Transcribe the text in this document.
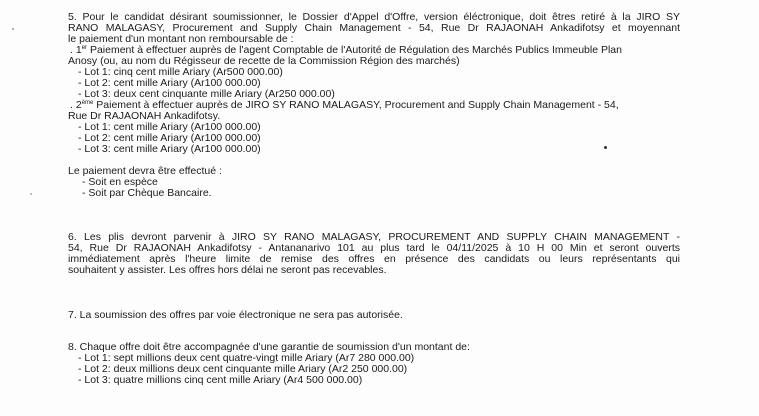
5. Pour le candidat désirant soumissionner, le Dossier d'Appel d'Offre, version éléctronique, doit êtres retiré à la JIRO SY
RANO MALAGASY, Procurement and Supply Chain Management - 54, Rue Dr RAJAONAH Ankadifotsy et moyennant
le paiement d'un montant non remboursable de :
. 1er Paiement à effectuer auprès de l'agent Comptable de l'Autorité de Régulation des Marchés Publics Immeuble Plan
Anosy (ou, au nom du Régisseur de recette de la Commission Région des marchés)
- Lot 1: cinq cent mille Ariary (Ar500 000.00)
- Lot 2: cent mille Ariary (Ar100 000.00)
- Lot 3: deux cent cinquante mille Ariary (Ar250 000.00)
. 2ème Paiement à effectuer auprès de JIRO SY RANO MALAGASY, Procurement and Supply Chain Management - 54,
Rue Dr RAJAONAH Ankadifotsy.
- Lot 1: cent mille Ariary (Ar100 000.00)
- Lot 2: cent mille Ariary (Ar100 000.00)
- Lot 3: cent mille Ariary (Ar100 000.00)
Le paiement devra être effectué :
- Soit en espèce
- Soit par Chèque Bancaire.
6. Les plis devront parvenir à JIRO SY RANO MALAGASY, PROCUREMENT AND SUPPLY CHAIN MANAGEMENT -
54, Rue Dr RAJAONAH Ankadifotsy - Antananarivo 101 au plus tard le 04/11/2025 à 10 H 00 Min et seront ouverts
immédiatement après l'heure limite de remise des offres en présence des candidats ou leurs représentants qui
souhaitent y assister. Les offres hors délai ne seront pas recevables.
7. La soumission des offres par voie électronique ne sera pas autorisée.
8. Chaque offre doit être accompagnée d'une garantie de soumission d'un montant de:
- Lot 1: sept millions deux cent quatre-vingt mille Ariary (Ar7 280 000.00)
- Lot 2: deux millions deux cent cinquante mille Ariary (Ar2 250 000.00)
- Lot 3: quatre millions cinq cent mille Ariary (Ar4 500 000.00)
